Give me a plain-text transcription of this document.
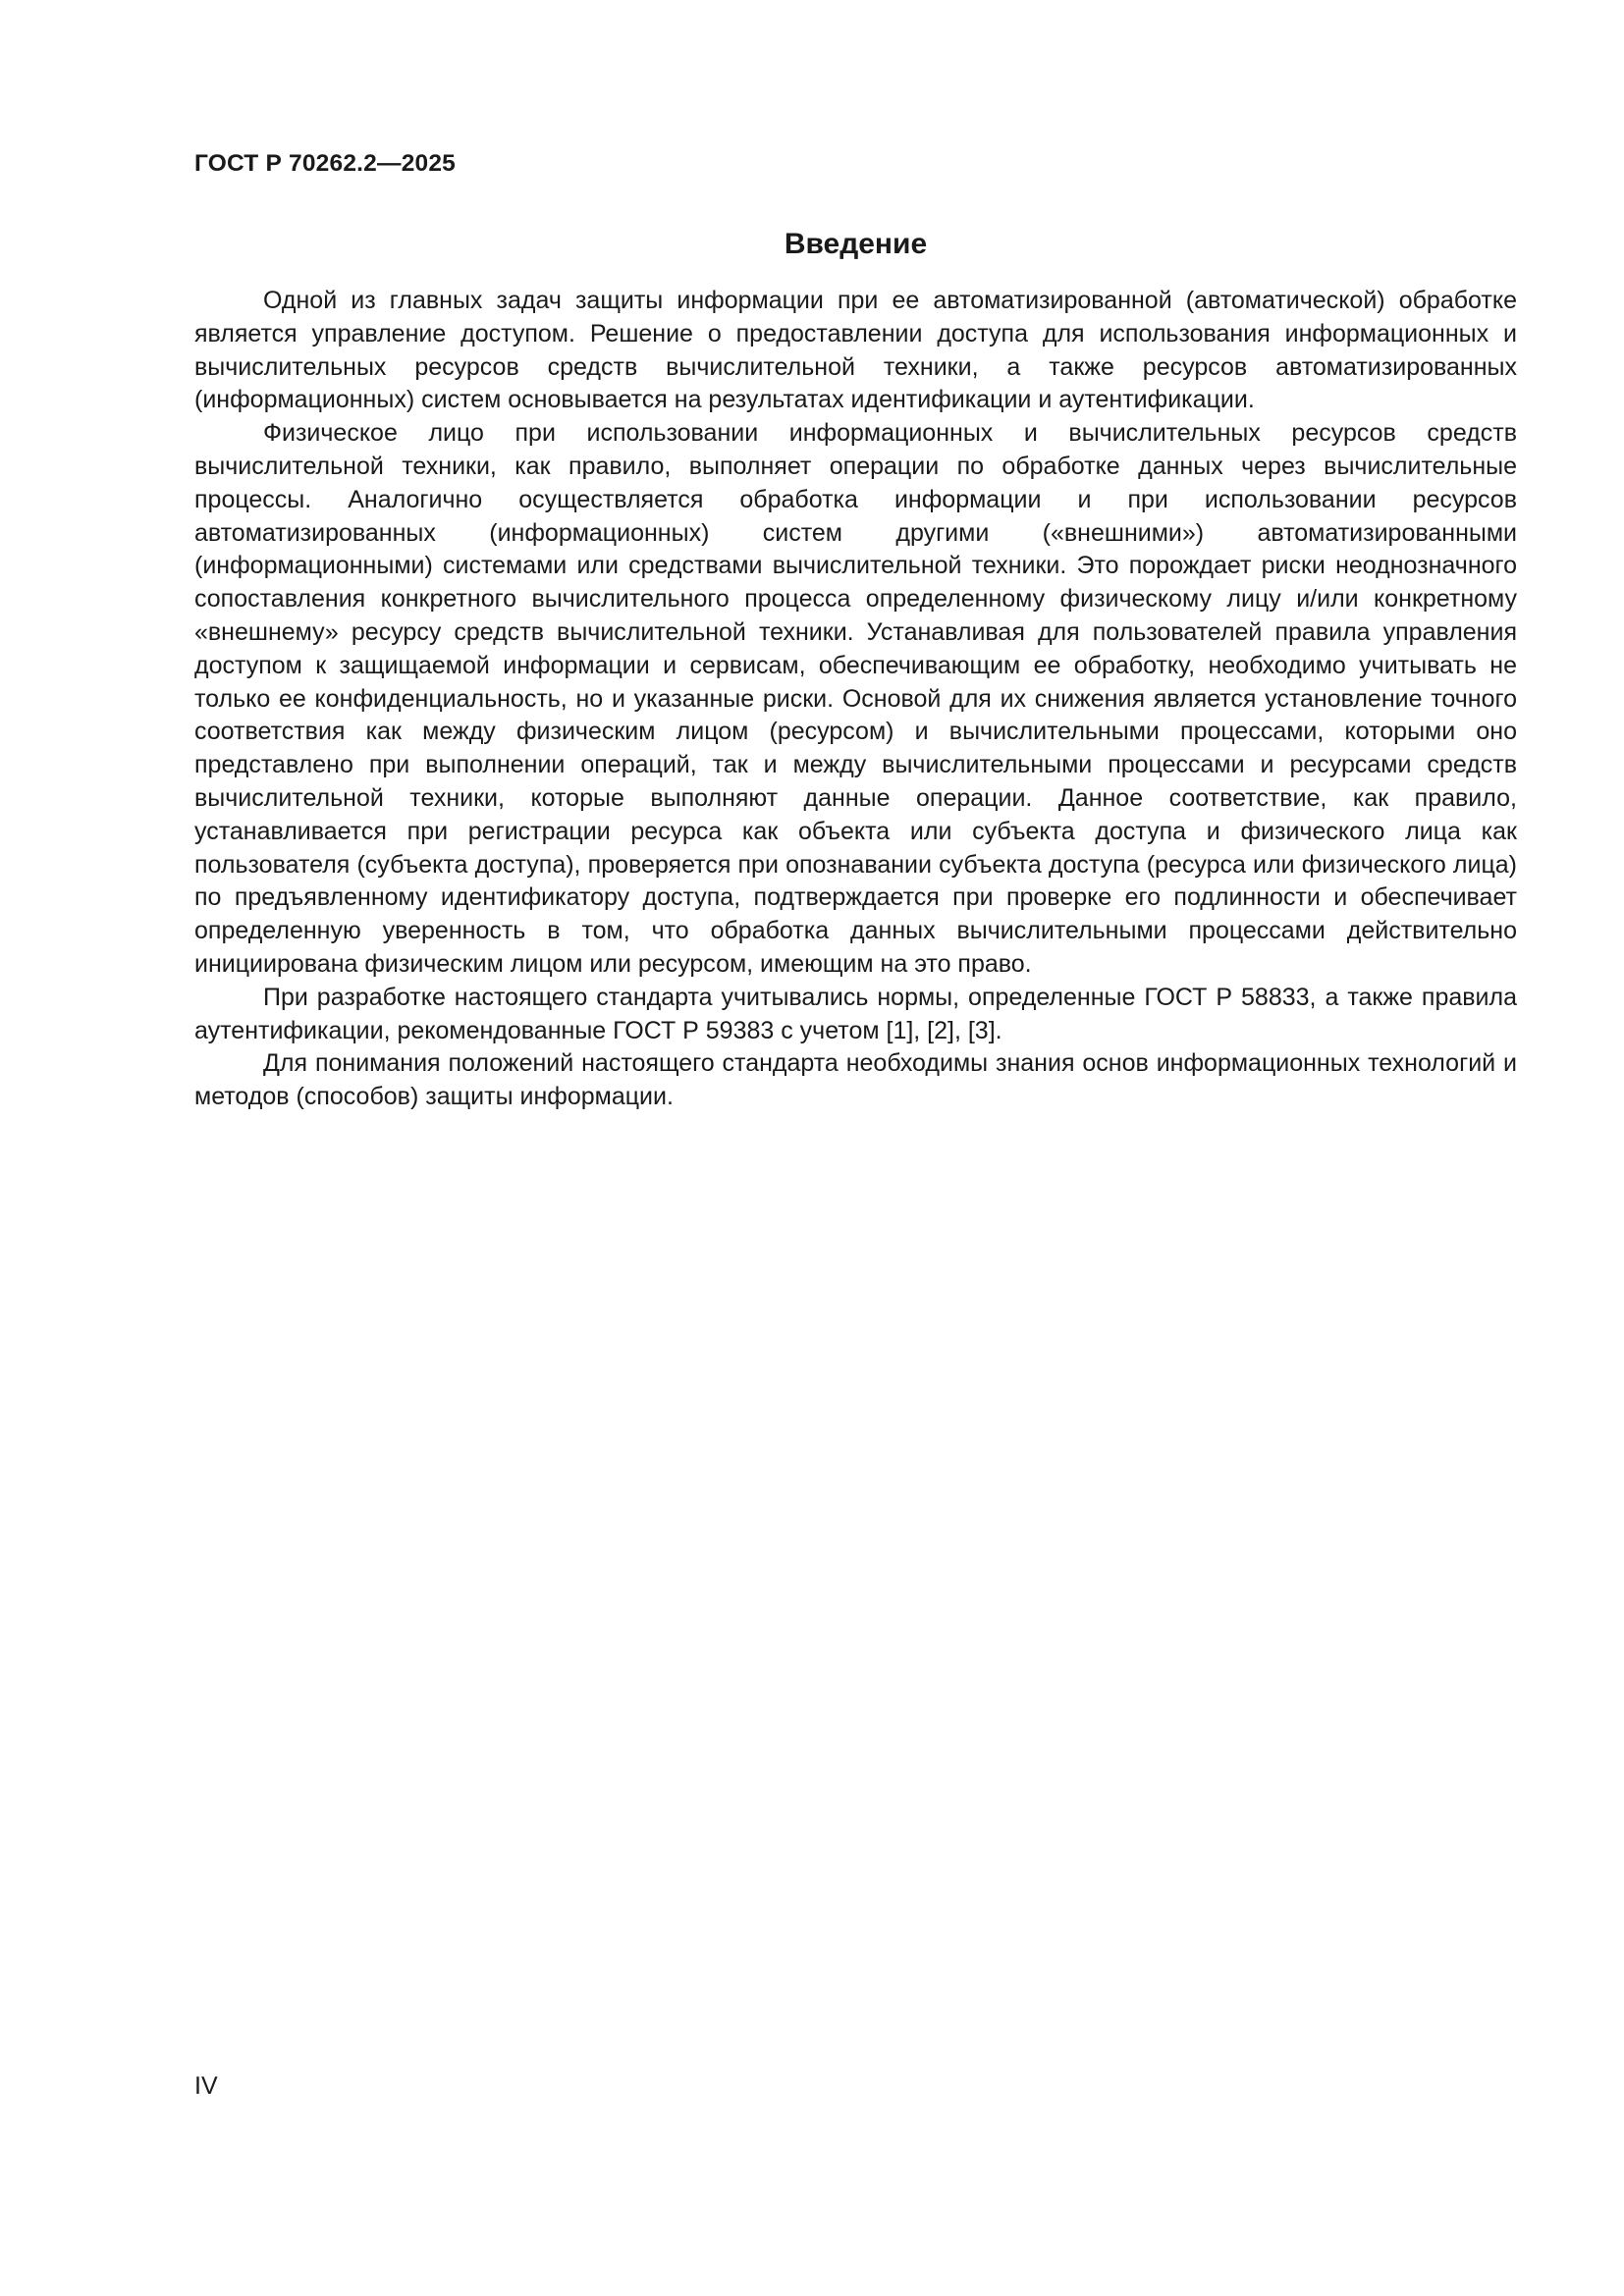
ГОСТ Р 70262.2—2025
Введение

Одной из главных задач защиты информации при ее автоматизированной (автоматической) обработке является управление доступом. Решение о предоставлении доступа для использования информационных и вычислительных ресурсов средств вычислительной техники, а также ресурсов автоматизированных (информационных) систем основывается на результатах идентификации и аутентификации.

Физическое лицо при использовании информационных и вычислительных ресурсов средств вычислительной техники, как правило, выполняет операции по обработке данных через вычислительные процессы. Аналогично осуществляется обработка информации и при использовании ресурсов автоматизированных (информационных) систем другими («внешними») автоматизированными (информационными) системами или средствами вычислительной техники. Это порождает риски неоднозначного сопоставления конкретного вычислительного процесса определенному физическому лицу и/или конкретному «внешнему» ресурсу средств вычислительной техники. Устанавливая для пользователей правила управления доступом к защищаемой информации и сервисам, обеспечивающим ее обработку, необходимо учитывать не только ее конфиденциальность, но и указанные риски. Основой для их снижения является установление точного соответствия как между физическим лицом (ресурсом) и вычислительными процессами, которыми оно представлено при выполнении операций, так и между вычислительными процессами и ресурсами средств вычислительной техники, которые выполняют данные операции. Данное соответствие, как правило, устанавливается при регистрации ресурса как объекта или субъекта доступа и физического лица как пользователя (субъекта доступа), проверяется при опознавании субъекта доступа (ресурса или физического лица) по предъявленному идентификатору доступа, подтверждается при проверке его подлинности и обеспечивает определенную уверенность в том, что обработка данных вычислительными процессами действительно инициирована физическим лицом или ресурсом, имеющим на это право.

При разработке настоящего стандарта учитывались нормы, определенные ГОСТ Р 58833, а также правила аутентификации, рекомендованные ГОСТ Р 59383 с учетом [1], [2], [3].

Для понимания положений настоящего стандарта необходимы знания основ информационных технологий и методов (способов) защиты информации.

IV
